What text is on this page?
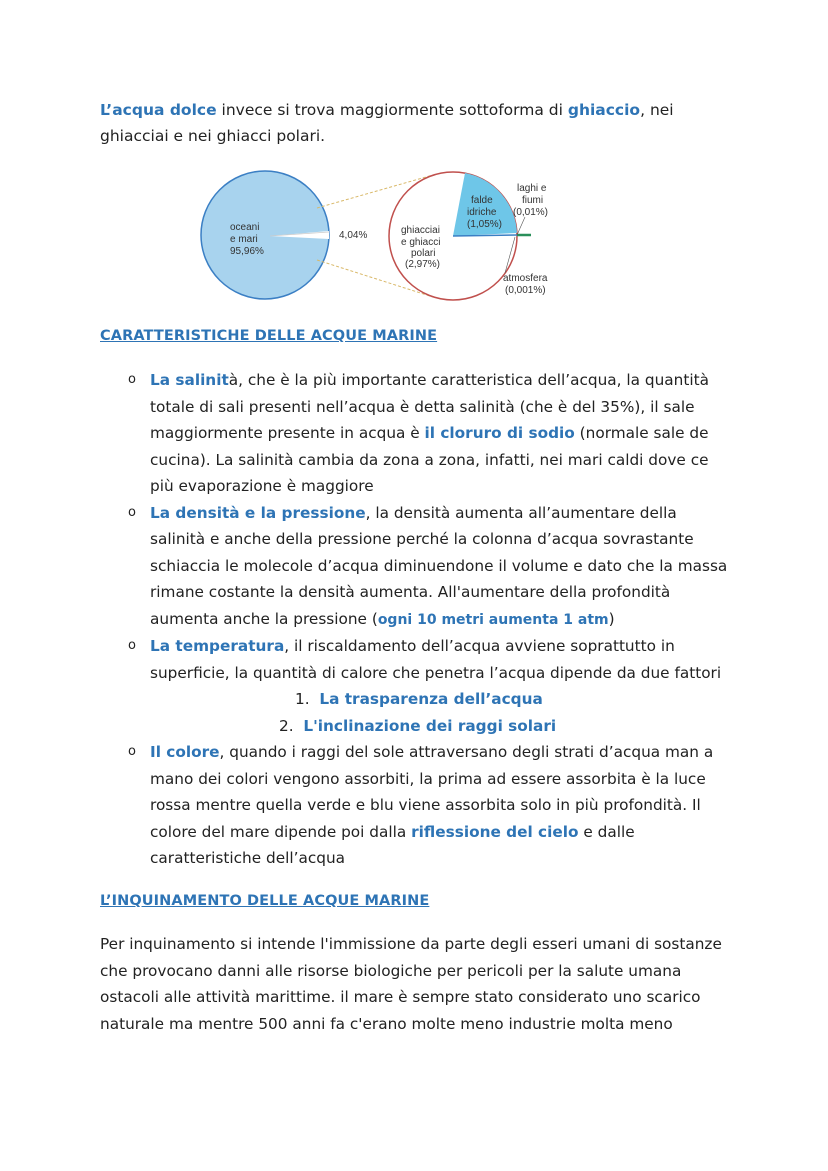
L’acqua dolce invece si trova maggiormente sottoforma di ghiaccio, nei ghiacciai e nei ghiacci polari.
4,04%
oceani
e mari
95,96%
ghiacciai
e ghiacci
polari
(2,97%)
falde
idriche
(1,05%)
laghi e
fiumi
(0,01%)
atmosfera
(0,001%)
CARATTERISTICHE DELLE ACQUE MARINE
o La salinità, che è la più importante caratteristica dell’acqua, la quantità totale di sali presenti nell’acqua è detta salinità (che è del 35%), il sale maggiormente presente in acqua è il cloruro di sodio (normale sale de cucina). La salinità cambia da zona a zona, infatti, nei mari caldi dove ce più evaporazione è maggiore
o La densità e la pressione, la densità aumenta all’aumentare della salinità e anche della pressione perché la colonna d’acqua sovrastante schiaccia le molecole d’acqua diminuendone il volume e dato che la massa rimane costante la densità aumenta. All'aumentare della profondità aumenta anche la pressione (ogni 10 metri aumenta 1 atm)
o La temperatura, il riscaldamento dell’acqua avviene soprattutto in superficie, la quantità di calore che penetra l’acqua dipende da due fattori
1. La trasparenza dell’acqua
2. L'inclinazione dei raggi solari
o Il colore, quando i raggi del sole attraversano degli strati d’acqua man a mano dei colori vengono assorbiti, la prima ad essere assorbita è la luce rossa mentre quella verde e blu viene assorbita solo in più profondità. Il colore del mare dipende poi dalla riflessione del cielo e dalle caratteristiche dell’acqua
L’INQUINAMENTO DELLE ACQUE MARINE
Per inquinamento si intende l'immissione da parte degli esseri umani di sostanze che provocano danni alle risorse biologiche per pericoli per la salute umana ostacoli alle attività marittime. il mare è sempre stato considerato uno scarico naturale ma mentre 500 anni fa c'erano molte meno industrie molta meno
